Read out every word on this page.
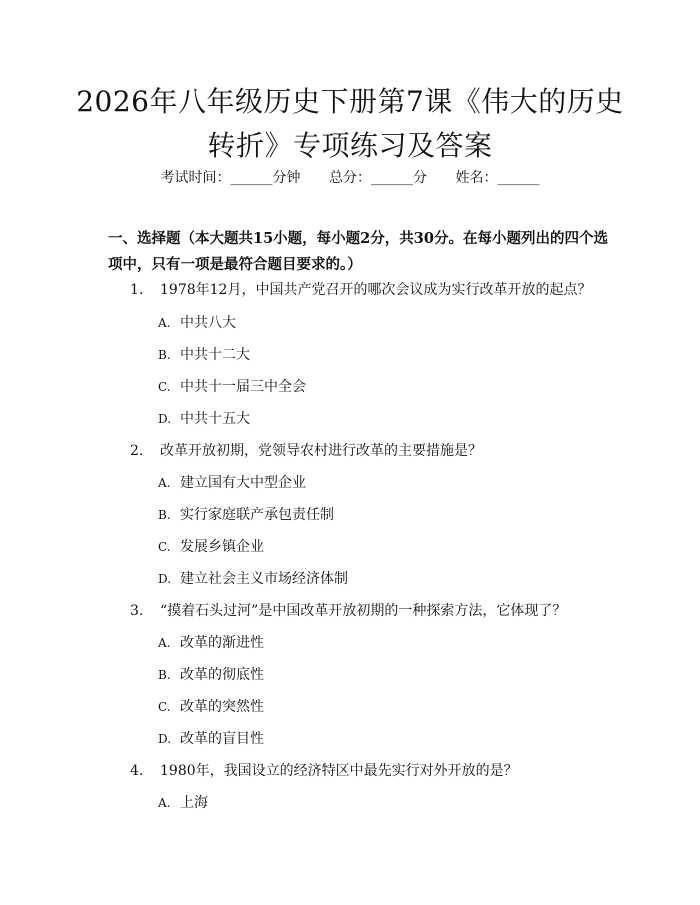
2026年八年级历史下册第7课《伟大的历史
转折》专项练习及答案
考试时间：______分钟 总分：______分 姓名：______
一、选择题（本大题共15小题，每小题2分，共30分。在每小题列出的四个选
项中，只有一项是最符合题目要求的。）
1. 1978年12月，中国共产党召开的哪次会议成为实行改革开放的起点？
A. 中共八大
B. 中共十二大
C. 中共十一届三中全会
D. 中共十五大
2. 改革开放初期，党领导农村进行改革的主要措施是？
A. 建立国有大中型企业
B. 实行家庭联产承包责任制
C. 发展乡镇企业
D. 建立社会主义市场经济体制
3. “摸着石头过河”是中国改革开放初期的一种探索方法，它体现了？
A. 改革的渐进性
B. 改革的彻底性
C. 改革的突然性
D. 改革的盲目性
4. 1980年，我国设立的经济特区中最先实行对外开放的是？
A. 上海
